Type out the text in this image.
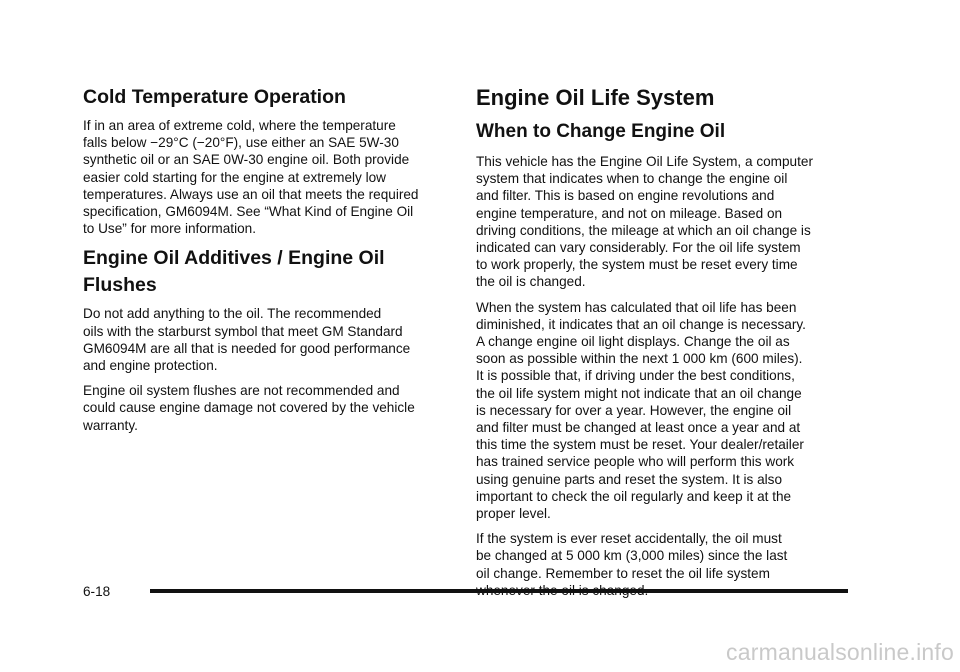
Cold Temperature Operation

If in an area of extreme cold, where the temperature
falls below −29°C (−20°F), use either an SAE 5W-30
synthetic oil or an SAE 0W-30 engine oil. Both provide
easier cold starting for the engine at extremely low
temperatures. Always use an oil that meets the required
specification, GM6094M. See “What Kind of Engine Oil
to Use” for more information.

Engine Oil Additives / Engine Oil
Flushes

Do not add anything to the oil. The recommended
oils with the starburst symbol that meet GM Standard
GM6094M are all that is needed for good performance
and engine protection.

Engine oil system flushes are not recommended and
could cause engine damage not covered by the vehicle
warranty.

Engine Oil Life System
When to Change Engine Oil

This vehicle has the Engine Oil Life System, a computer
system that indicates when to change the engine oil
and filter. This is based on engine revolutions and
engine temperature, and not on mileage. Based on
driving conditions, the mileage at which an oil change is
indicated can vary considerably. For the oil life system
to work properly, the system must be reset every time
the oil is changed.

When the system has calculated that oil life has been
diminished, it indicates that an oil change is necessary.
A change engine oil light displays. Change the oil as
soon as possible within the next 1 000 km (600 miles).
It is possible that, if driving under the best conditions,
the oil life system might not indicate that an oil change
is necessary for over a year. However, the engine oil
and filter must be changed at least once a year and at
this time the system must be reset. Your dealer/retailer
has trained service people who will perform this work
using genuine parts and reset the system. It is also
important to check the oil regularly and keep it at the
proper level.

If the system is ever reset accidentally, the oil must
be changed at 5 000 km (3,000 miles) since the last
oil change. Remember to reset the oil life system

6-18
carmanualsonline.info
